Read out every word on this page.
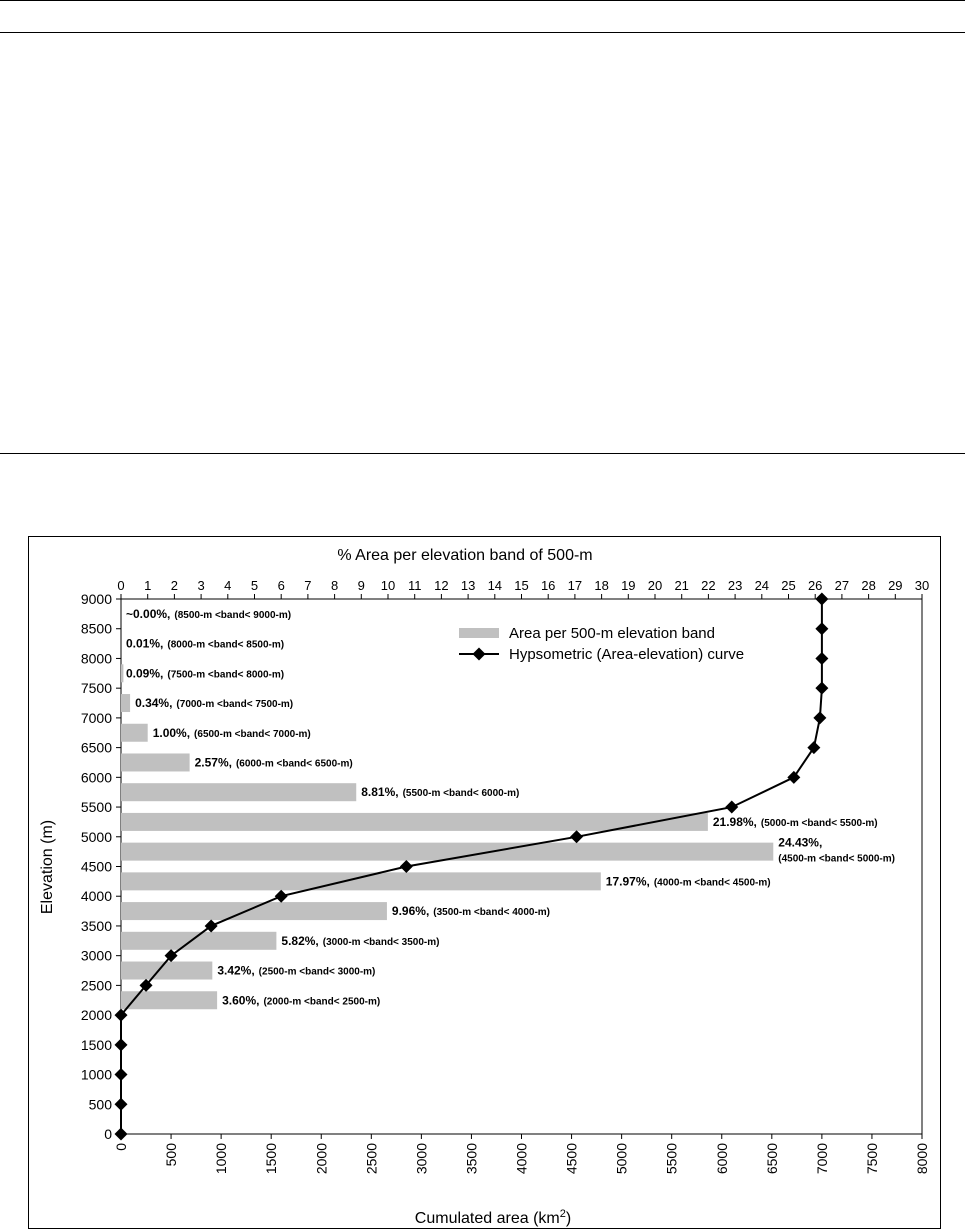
% Area per elevation band of 500-m
Elevation (m)
Cumulated area $(km^2)$
3.60%, (2000-m <band< 2500-m)
3.42%, (2500-m <band< 3000-m)
5.82%, (3000-m <band< 3500-m)
9.96%, (3500-m <band< 4000-m)
17.97%, (4000-m <band< 4500-m)
24.43%, (4500-m <band< 5000-m)
21.98%, (5000-m <band< 5500-m)
8.81%, (5500-m <band< 6000-m)
2.57%, (6000-m <band< 6500-m)
1.00%, (6500-m <band< 7000-m)
0.34%, (7000-m <band< 7500-m)
0.09%, (7500-m <band< 8000-m)
0.01%, (8000-m <band< 8500-m)
~0.00%, (8500-m <band< 9000-m)
0
500
1000
1500
2000
2500
3000
3500
4000
4500
5000
5500
6000
6500
7000
7500
8000
8500
9000
0 500 1000 1500 2000 2500 3000 3500 4000 4500 5000 5500 6000 6500 7000 7500 8000
0 1 2 3 4 5 6 7 8 9 10 11 12 13 14 15 16 17 18 19 20 21 22 23 24 25 26 27 28 29 30
Area per 500-m elevation band
Hypsometric (Area-elevation) curve
